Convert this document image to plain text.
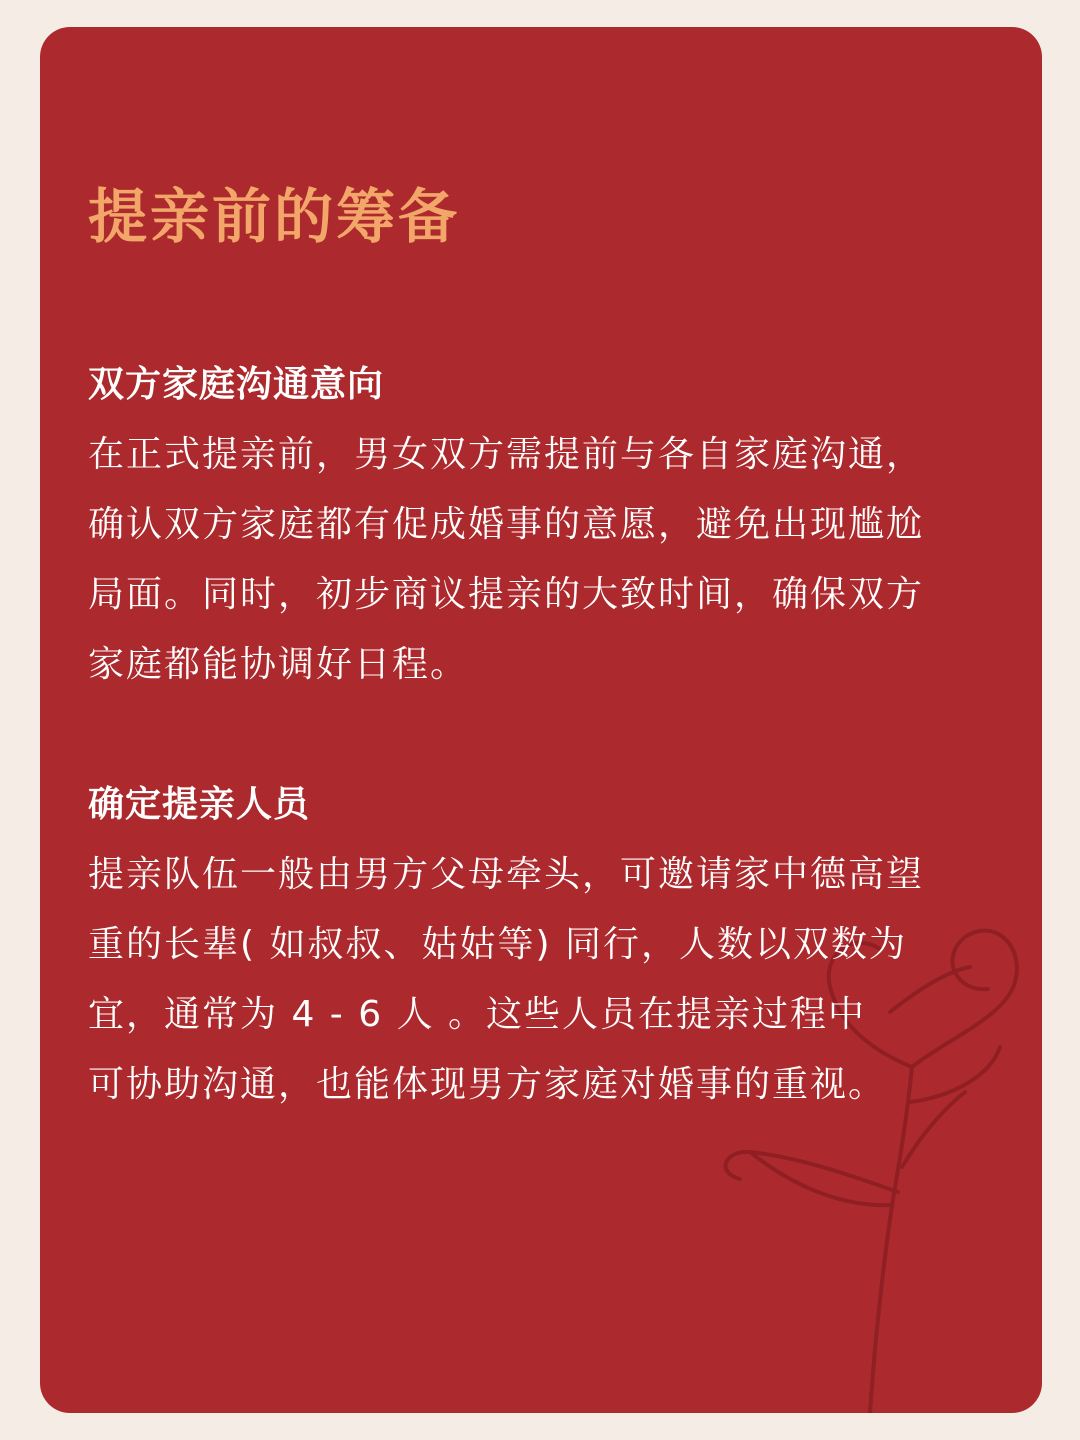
提亲前的筹备
双方家庭沟通意向

在正式提亲前，男女双方需提前与各自家庭沟通，

确认双方家庭都有促成婚事的意愿，避免出现尴尬

局面。同时，初步商议提亲的大致时间，确保双方

家庭都能协调好日程。

确定提亲人员

提亲队伍一般由男方父母牵头，可邀请家中德高望

重的长辈( 如叔叔、姑姑等) 同行，人数以双数为

宜，通常为 4 - 6 人 。这些人员在提亲过程中

可协助沟通，也能体现男方家庭对婚事的重视。
